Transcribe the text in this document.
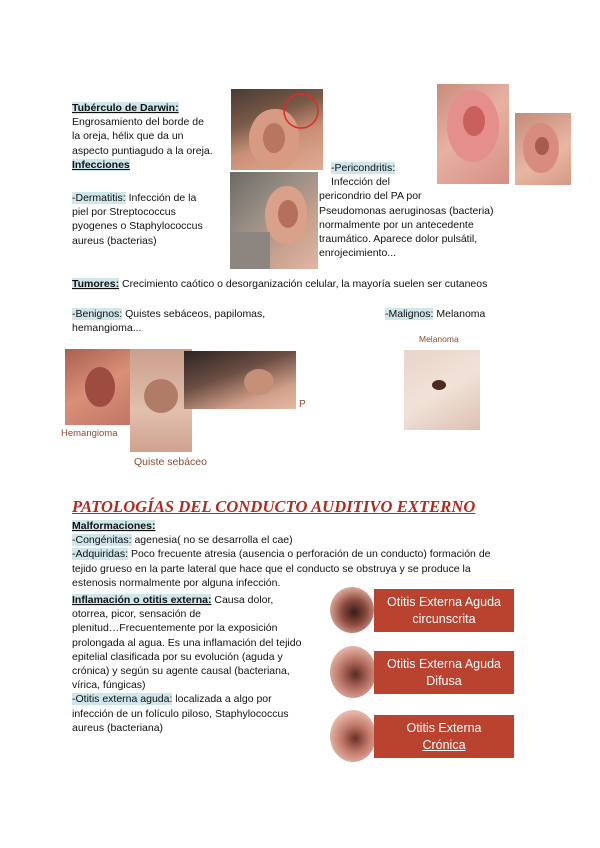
Tubérculo de Darwin:
Engrosamiento del borde de
la oreja, hélix que da un
aspecto puntiagudo a la oreja.
Infecciones
-Dermatitis: Infección de la
piel por Streptococcus
pyogenes o Staphylococcus
aureus (bacterias)
-Pericondritis:
Infección del
pericondrio del PA por
Pseudomonas aeruginosas (bacteria)
normalmente por un antecedente
traumático. Aparece dolor pulsátil,
enrojecimiento...
Tumores: Crecimiento caótico o desorganización celular, la mayoría suelen ser cutaneos
-Benignos: Quistes sebáceos, papilomas,
hemangioma...
-Malignos: Melanoma
Hemangioma
Quiste sebáceo
P
Melanoma
PATOLOGÍAS DEL CONDUCTO AUDITIVO EXTERNO
Malformaciones:
-Congénitas: agenesia( no se desarrolla el cae)
-Adquiridas: Poco frecuente atresia (ausencia o perforación de un conducto) formación de
tejido grueso en la parte lateral que hace que el conducto se obstruya y se produce la
estenosis normalmente por alguna infección.
Inflamación o otitis externa: Causa dolor,
otorrea, picor, sensación de
plenitud…Frecuentemente por la exposición
prolongada al agua. Es una inflamación del tejido
epitelial clasificada por su evolución (aguda y
crónica) y según su agente causal (bacteriana,
vírica, fúngicas)
-Otitis externa aguda: localizada a algo por
infección de un folículo piloso, Staphylococcus
aureus (bacteriana)
Otitis Externa Aguda
circunscrita
Otitis Externa Aguda
Difusa
Otitis Externa
Crónica
